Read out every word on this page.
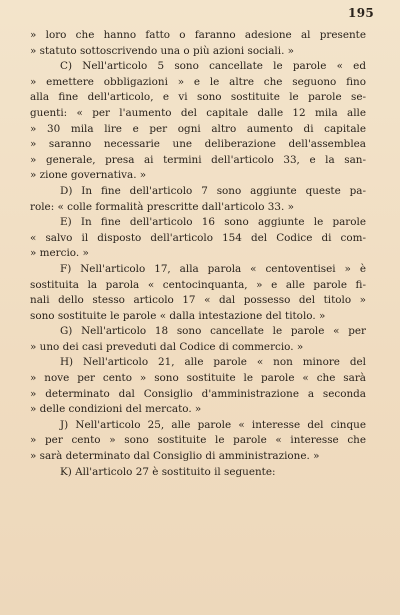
195
» loro che hanno fatto o faranno adesione al presente
» statuto sottoscrivendo una o più azioni sociali. »
C) Nell'articolo 5 sono cancellate le parole « ed
» emettere obbligazioni » e le altre che seguono fino
alla fine dell'articolo, e vi sono sostituite le parole se-
guenti: « per l'aumento del capitale dalle 12 mila alle
» 30 mila lire e per ogni altro aumento di capitale
» saranno necessarie une deliberazione dell'assemblea
» generale, presa ai termini dell'articolo 33, e la san-
» zione governativa. »
D) In fine dell'articolo 7 sono aggiunte queste pa-
role: « colle formalità prescritte dall'articolo 33. »
E) In fine dell'articolo 16 sono aggiunte le parole
« salvo il disposto dell'articolo 154 del Codice di com-
» mercio. »
F) Nell'articolo 17, alla parola « centoventisei » è
sostituita la parola « centocinquanta, » e alle parole fi-
nali dello stesso articolo 17 « dal possesso del titolo »
sono sostituite le parole « dalla intestazione del titolo. »
G) Nell'articolo 18 sono cancellate le parole « per
» uno dei casi preveduti dal Codice di commercio. »
H) Nell'articolo 21, alle parole « non minore del
» nove per cento » sono sostituite le parole « che sarà
» determinato dal Consiglio d'amministrazione a seconda
» delle condizioni del mercato. »
J) Nell'articolo 25, alle parole « interesse del cinque
» per cento » sono sostituite le parole « interesse che
» sarà determinato dal Consiglio di amministrazione. »
K) All'articolo 27 è sostituito il seguente:
